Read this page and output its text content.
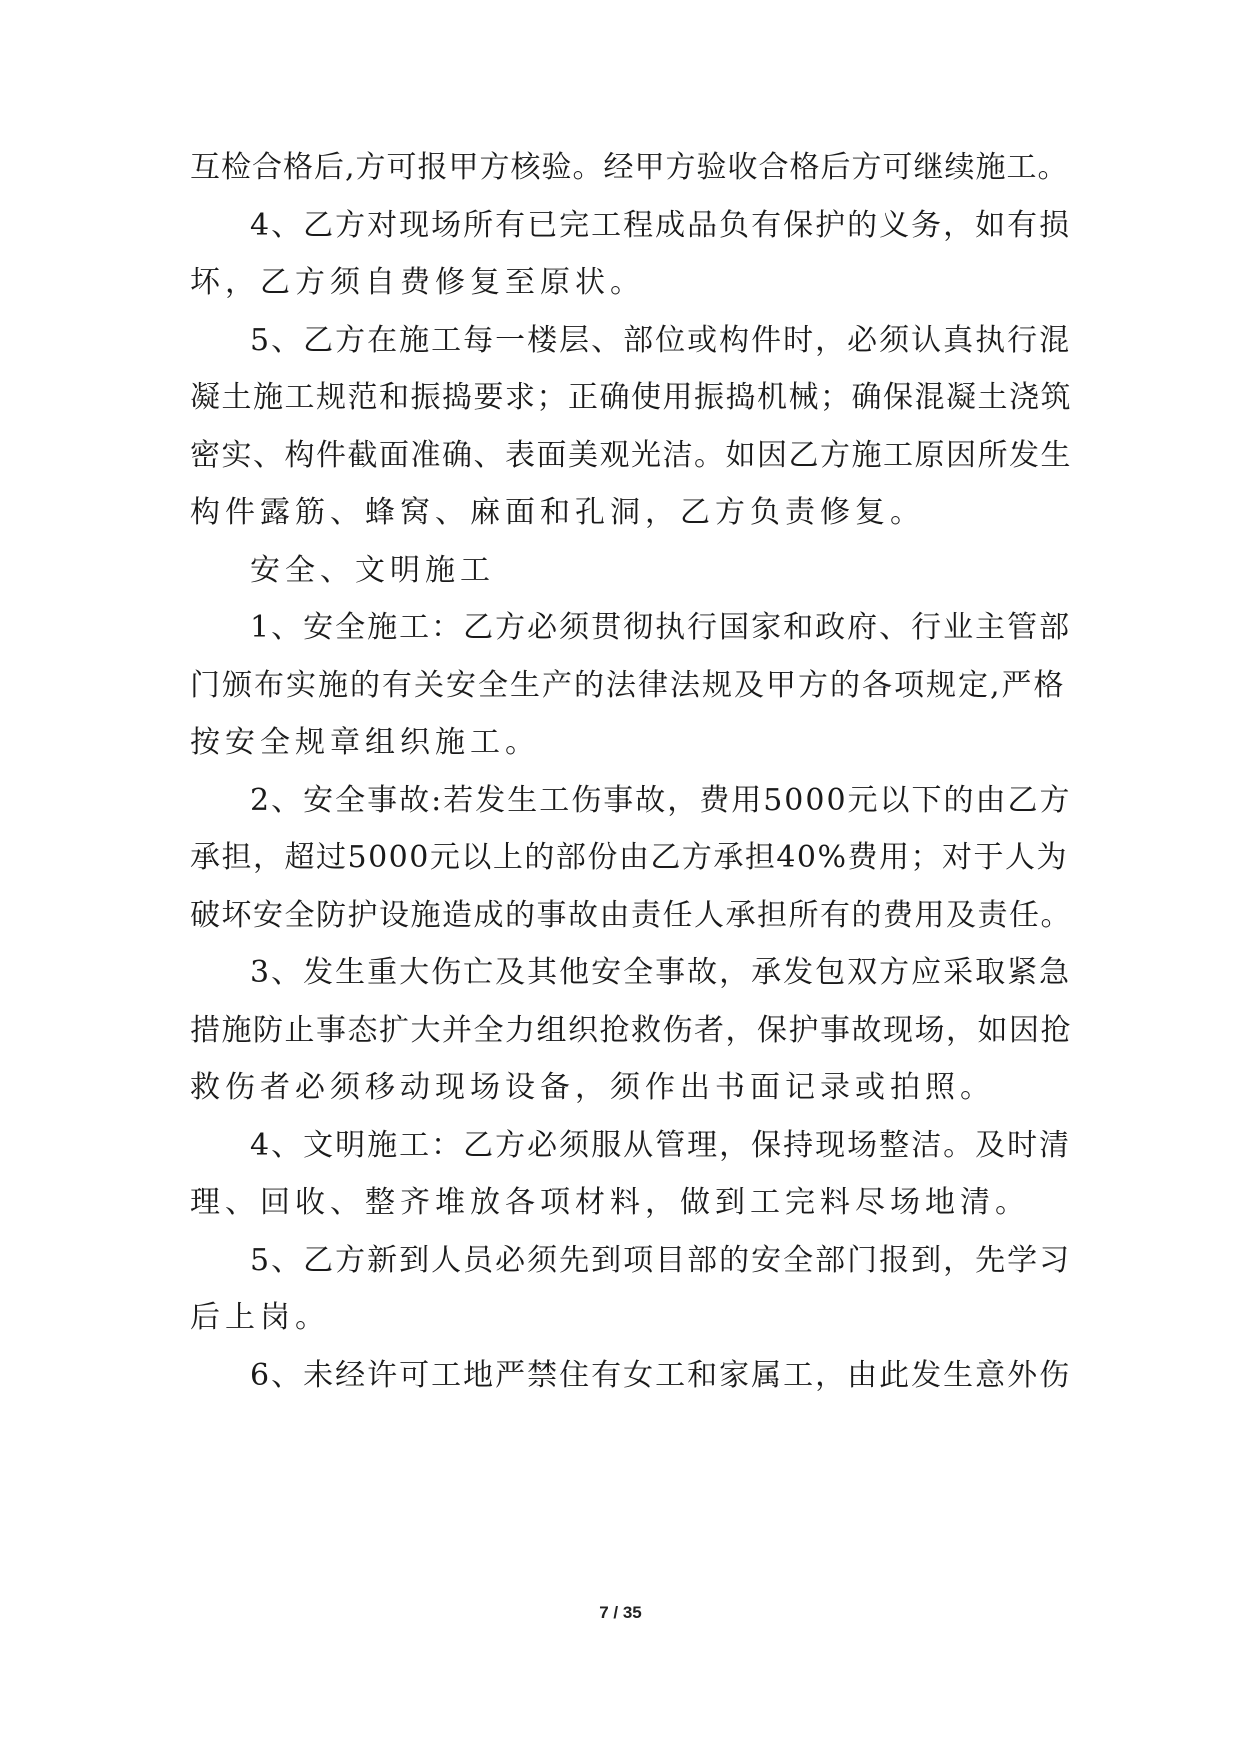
互检合格后,方可报甲方核验。经甲方验收合格后方可继续施工。
4、乙方对现场所有已完工程成品负有保护的义务，如有损
坏，乙方须自费修复至原状。
5、乙方在施工每一楼层、部位或构件时，必须认真执行混
凝土施工规范和振捣要求；正确使用振捣机械；确保混凝土浇筑
密实、构件截面准确、表面美观光洁。如因乙方施工原因所发生
构件露筋、蜂窝、麻面和孔洞，乙方负责修复。
安全、文明施工
1、安全施工：乙方必须贯彻执行国家和政府、行业主管部
门颁布实施的有关安全生产的法律法规及甲方的各项规定,严格
按安全规章组织施工。
2、安全事故:若发生工伤事故，费用5000元以下的由乙方
承担，超过5000元以上的部份由乙方承担40%费用；对于人为
破坏安全防护设施造成的事故由责任人承担所有的费用及责任。
3、发生重大伤亡及其他安全事故，承发包双方应采取紧急
措施防止事态扩大并全力组织抢救伤者，保护事故现场，如因抢
救伤者必须移动现场设备，须作出书面记录或拍照。
4、文明施工：乙方必须服从管理，保持现场整洁。及时清
理、回收、整齐堆放各项材料，做到工完料尽场地清。
5、乙方新到人员必须先到项目部的安全部门报到，先学习
后上岗。
6、未经许可工地严禁住有女工和家属工，由此发生意外伤
7 / 35
